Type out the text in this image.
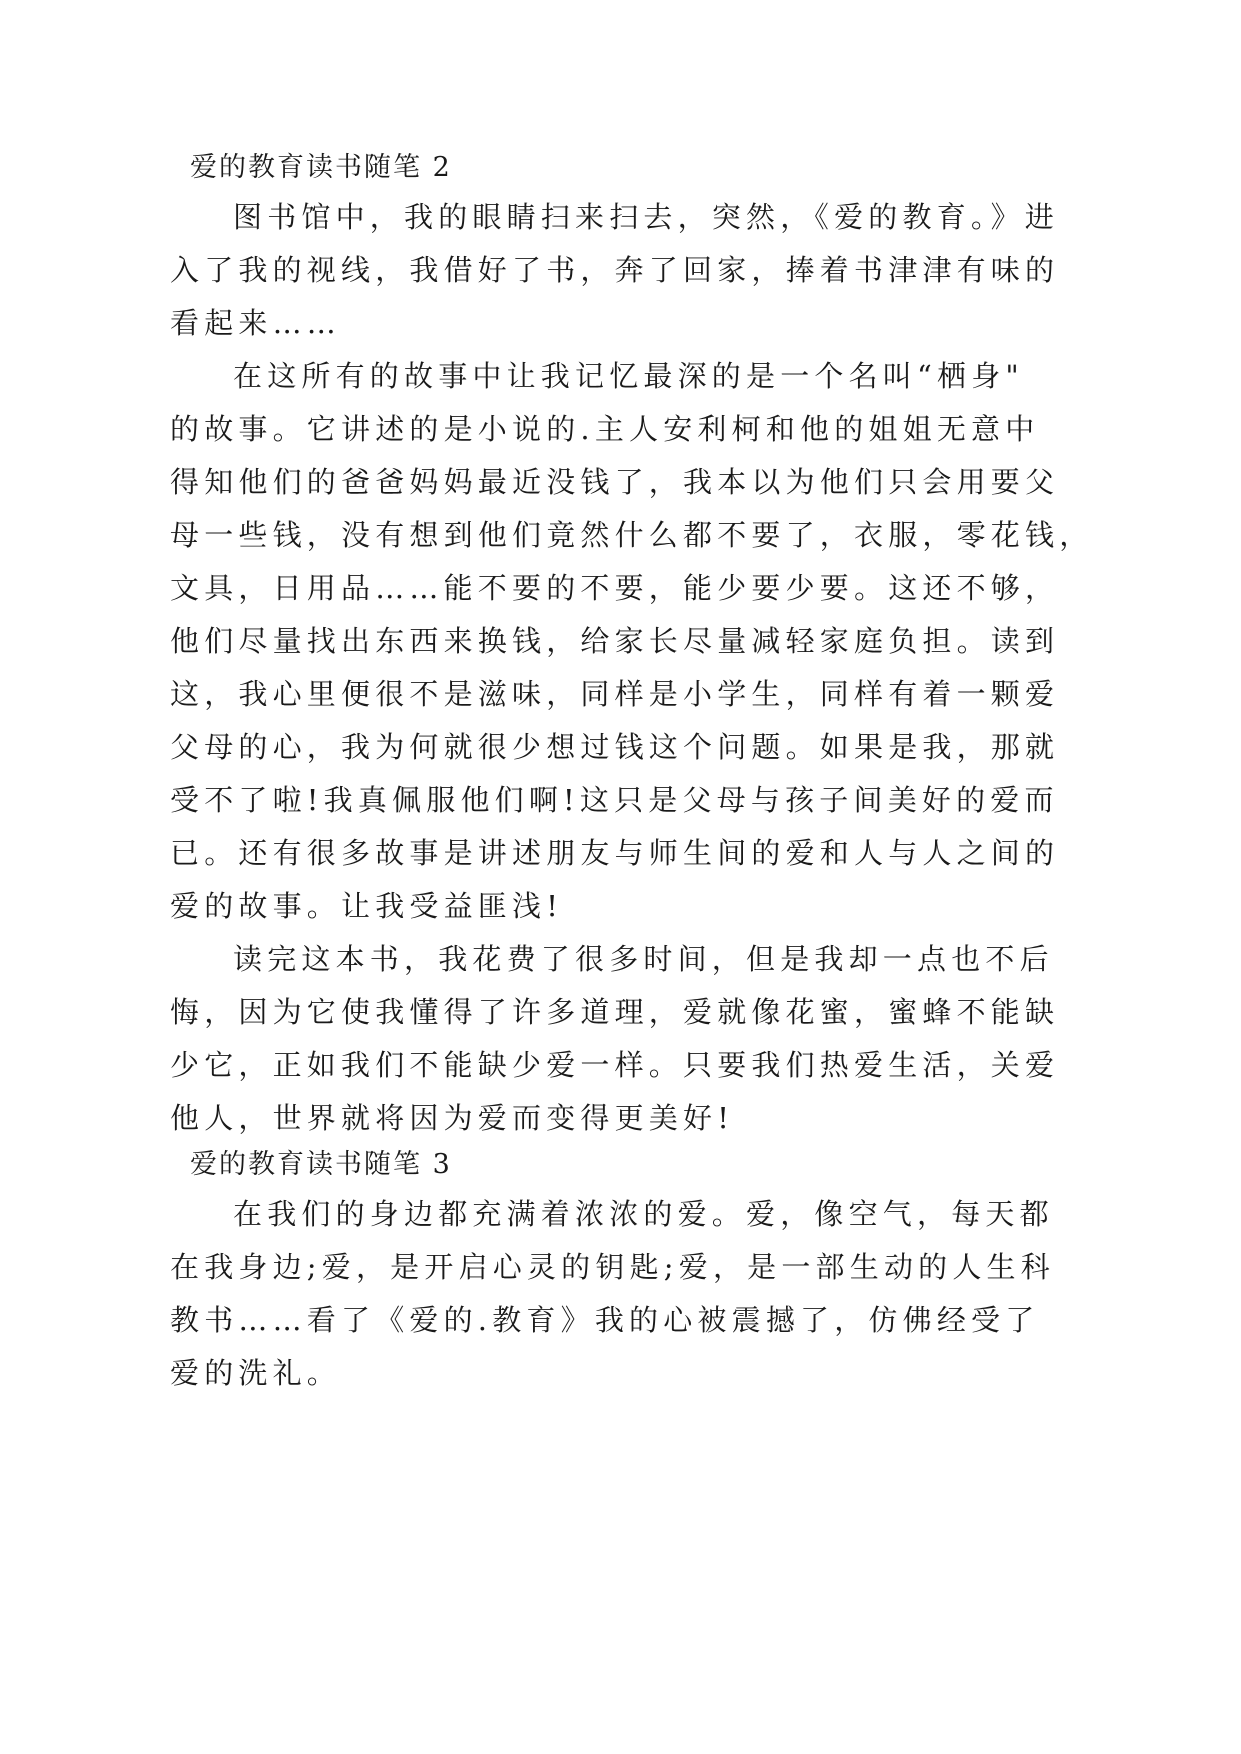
爱的教育读书随笔 2
图书馆中，我的眼睛扫来扫去，突然，《爱的教育。》进
入了我的视线，我借好了书，奔了回家，捧着书津津有味的
看起来……
在这所有的故事中让我记忆最深的是一个名叫“栖身"
的故事。它讲述的是小说的.主人安利柯和他的姐姐无意中
得知他们的爸爸妈妈最近没钱了，我本以为他们只会用要父
母一些钱，没有想到他们竟然什么都不要了，衣服，零花钱，
文具，日用品……能不要的不要，能少要少要。这还不够，
他们尽量找出东西来换钱，给家长尽量减轻家庭负担。读到
这，我心里便很不是滋味，同样是小学生，同样有着一颗爱
父母的心，我为何就很少想过钱这个问题。如果是我，那就
受不了啦!我真佩服他们啊!这只是父母与孩子间美好的爱而
已。还有很多故事是讲述朋友与师生间的爱和人与人之间的
爱的故事。让我受益匪浅!
读完这本书，我花费了很多时间，但是我却一点也不后
悔，因为它使我懂得了许多道理，爱就像花蜜，蜜蜂不能缺
少它，正如我们不能缺少爱一样。只要我们热爱生活，关爱
他人，世界就将因为爱而变得更美好!
爱的教育读书随笔 3
在我们的身边都充满着浓浓的爱。爱，像空气，每天都
在我身边;爱，是开启心灵的钥匙;爱，是一部生动的人生科
教书……看了《爱的.教育》我的心被震撼了，仿佛经受了
爱的洗礼。
